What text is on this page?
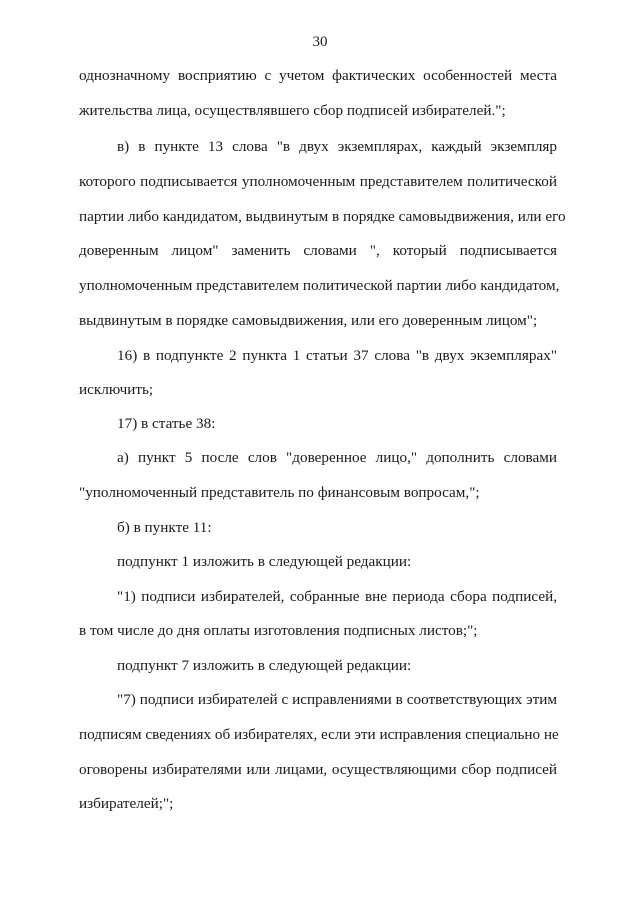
30
однозначному восприятию с учетом фактических особенностей места
жительства лица, осуществлявшего сбор подписей избирателей.";
в) в пункте 13 слова "в двух экземплярах, каждый экземпляр
которого подписывается уполномоченным представителем политической
партии либо кандидатом, выдвинутым в порядке самовыдвижения, или его
доверенным лицом" заменить словами ", который подписывается
уполномоченным представителем политической партии либо кандидатом,
выдвинутым в порядке самовыдвижения, или его доверенным лицом";
16) в подпункте 2 пункта 1 статьи 37 слова "в двух экземплярах"
исключить;
17) в статье 38:
а) пункт 5 после слов "доверенное лицо," дополнить словами
"уполномоченный представитель по финансовым вопросам,";
б) в пункте 11:
подпункт 1 изложить в следующей редакции:
"1) подписи избирателей, собранные вне периода сбора подписей,
в том числе до дня оплаты изготовления подписных листов;";
подпункт 7 изложить в следующей редакции:
"7) подписи избирателей с исправлениями в соответствующих этим
подписям сведениях об избирателях, если эти исправления специально не
оговорены избирателями или лицами, осуществляющими сбор подписей
избирателей;";
